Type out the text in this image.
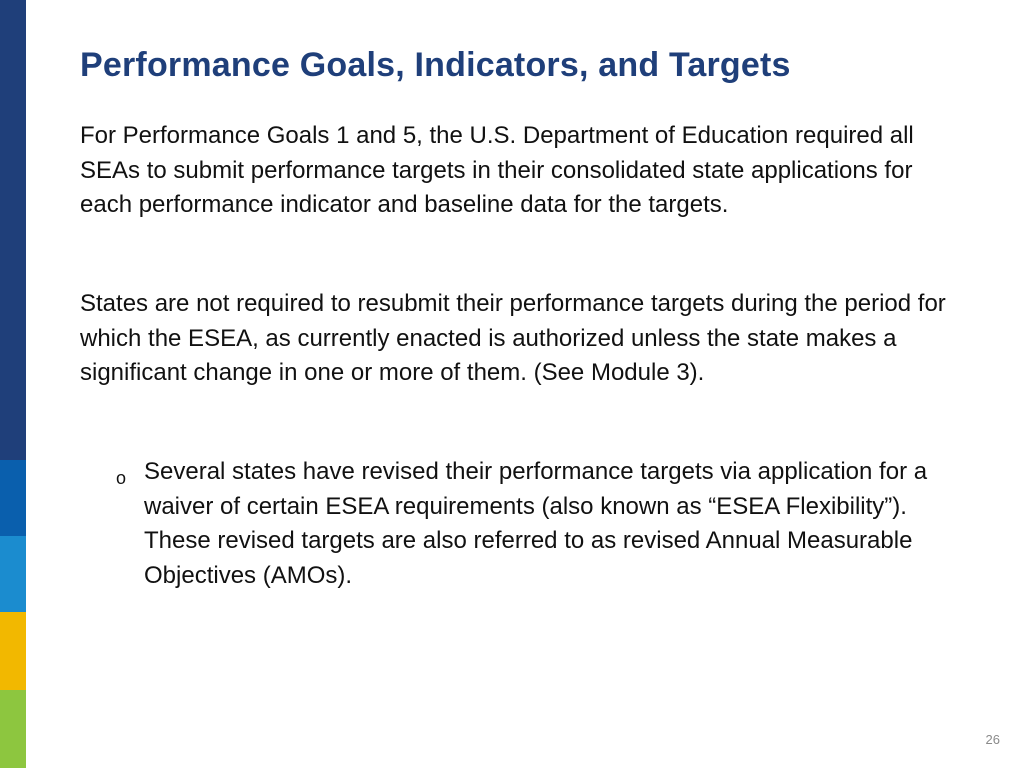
Performance Goals, Indicators, and Targets

For Performance Goals 1 and 5, the U.S. Department of Education required all SEAs to submit performance targets in their consolidated state applications for each performance indicator and baseline data for the targets.

States are not required to resubmit their performance targets during the period for which the ESEA, as currently enacted is authorized unless the state makes a significant change in one or more of them. (See Module 3).

o Several states have revised their performance targets via application for a waiver of certain ESEA requirements (also known as “ESEA Flexibility”). These revised targets are also referred to as revised Annual Measurable Objectives (AMOs).

26
